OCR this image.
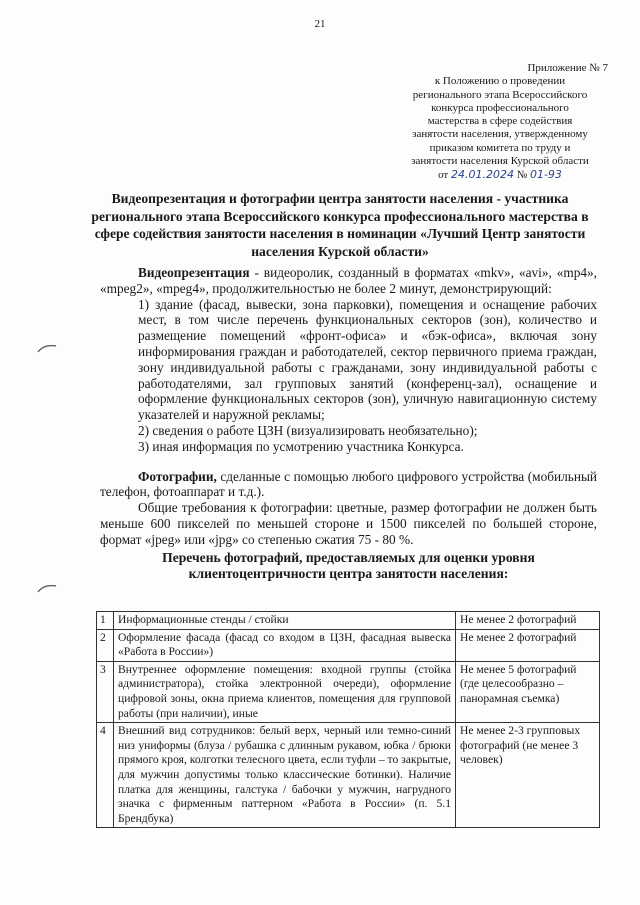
21
Приложение № 7
к Положению о проведении
регионального этапа Всероссийского
конкурса профессионального
мастерства в сфере содействия
занятости населения, утвержденному
приказом комитета по труду и
занятости населения Курской области
от 24.01.2024 № 01-93
Видеопрезентация и фотографии центра занятости населения - участника регионального этапа Всероссийского конкурса профессионального мастерства в сфере содействия занятости населения в номинации «Лучший Центр занятости населения Курской области»

Видеопрезентация - видеоролик, созданный в форматах «mkv», «avi», «mp4», «mpeg2», «mpeg4», продолжительностью не более 2 минут, демонстрирующий:

1) здание (фасад, вывески, зона парковки), помещения и оснащение рабочих мест, в том числе перечень функциональных секторов (зон), количество и размещение помещений «фронт-офиса» и «бэк-офиса», включая зону информирования граждан и работодателей, сектор первичного приема граждан, зону индивидуальной работы с гражданами, зону индивидуальной работы с работодателями, зал групповых занятий (конференц-зал), оснащение и оформление функциональных секторов (зон), уличную навигационную систему указателей и наружной рекламы;

2) сведения о работе ЦЗН (визуализировать необязательно);

3) иная информация по усмотрению участника Конкурса.

Фотографии, сделанные с помощью любого цифрового устройства (мобильный телефон, фотоаппарат и т.д.).

Общие требования к фотографии: цветные, размер фотографии не должен быть меньше 600 пикселей по меньшей стороне и 1500 пикселей по большей стороне, формат «jpeg» или «jpg» со степенью сжатия 75 - 80 %.

Перечень фотографий, предоставляемых для оценки уровня клиентоцентричности центра занятости населения:
1	Информационные стенды / стойки	Не менее 2 фотографий
2	Оформление фасада (фасад со входом в ЦЗН, фасадная вывеска «Работа в России»)	Не менее 2 фотографий
3	Внутреннее оформление помещения: входной группы (стойка администратора), стойка электронной очереди), оформление цифровой зоны, окна приема клиентов, помещения для групповой работы (при наличии), иные	Не менее 5 фотографий (где целесообразно – панорамная съемка)
4	Внешний вид сотрудников: белый верх, черный или темно-синий низ униформы (блуза / рубашка с длинным рукавом, юбка / брюки прямого кроя, колготки телесного цвета, если туфли – то закрытые, для мужчин допустимы только классические ботинки). Наличие платка для женщины, галстука / бабочки у мужчин, нагрудного значка с фирменным паттерном «Работа в России» (п. 5.1 Брендбука)	Не менее 2-3 групповых фотографий (не менее 3 человек)
